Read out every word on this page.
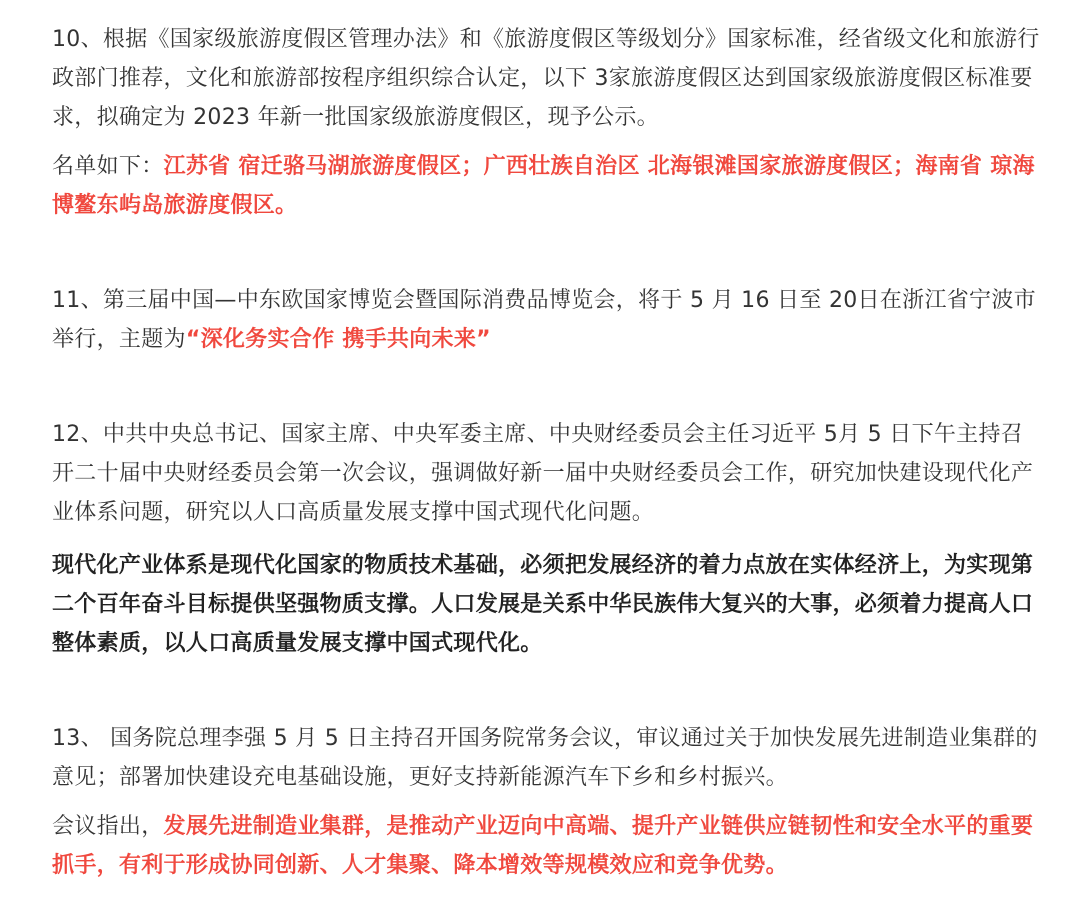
10、根据《国家级旅游度假区管理办法》和《旅游度假区等级划分》国家标准，经省级文化和旅游行政部门推荐，文化和旅游部按程序组织综合认定，以下 3家旅游度假区达到国家级旅游度假区标准要求，拟确定为 2023 年新一批国家级旅游度假区，现予公示。

名单如下：江苏省 宿迁骆马湖旅游度假区；广西壮族自治区 北海银滩国家旅游度假区；海南省 琼海博鳌东屿岛旅游度假区。

11、第三届中国—中东欧国家博览会暨国际消费品博览会，将于 5 月 16 日至 20日在浙江省宁波市举行，主题为“深化务实合作 携手共向未来”

12、中共中央总书记、国家主席、中央军委主席、中央财经委员会主任习近平 5月 5 日下午主持召开二十届中央财经委员会第一次会议，强调做好新一届中央财经委员会工作，研究加快建设现代化产业体系问题，研究以人口高质量发展支撑中国式现代化问题。

现代化产业体系是现代化国家的物质技术基础，必须把发展经济的着力点放在实体经济上，为实现第二个百年奋斗目标提供坚强物质支撑。人口发展是关系中华民族伟大复兴的大事，必须着力提高人口整体素质，以人口高质量发展支撑中国式现代化。

13、 国务院总理李强 5 月 5 日主持召开国务院常务会议，审议通过关于加快发展先进制造业集群的意见；部署加快建设充电基础设施，更好支持新能源汽车下乡和乡村振兴。

会议指出，发展先进制造业集群，是推动产业迈向中高端、提升产业链供应链韧性和安全水平的重要抓手，有利于形成协同创新、人才集聚、降本增效等规模效应和竞争优势。
